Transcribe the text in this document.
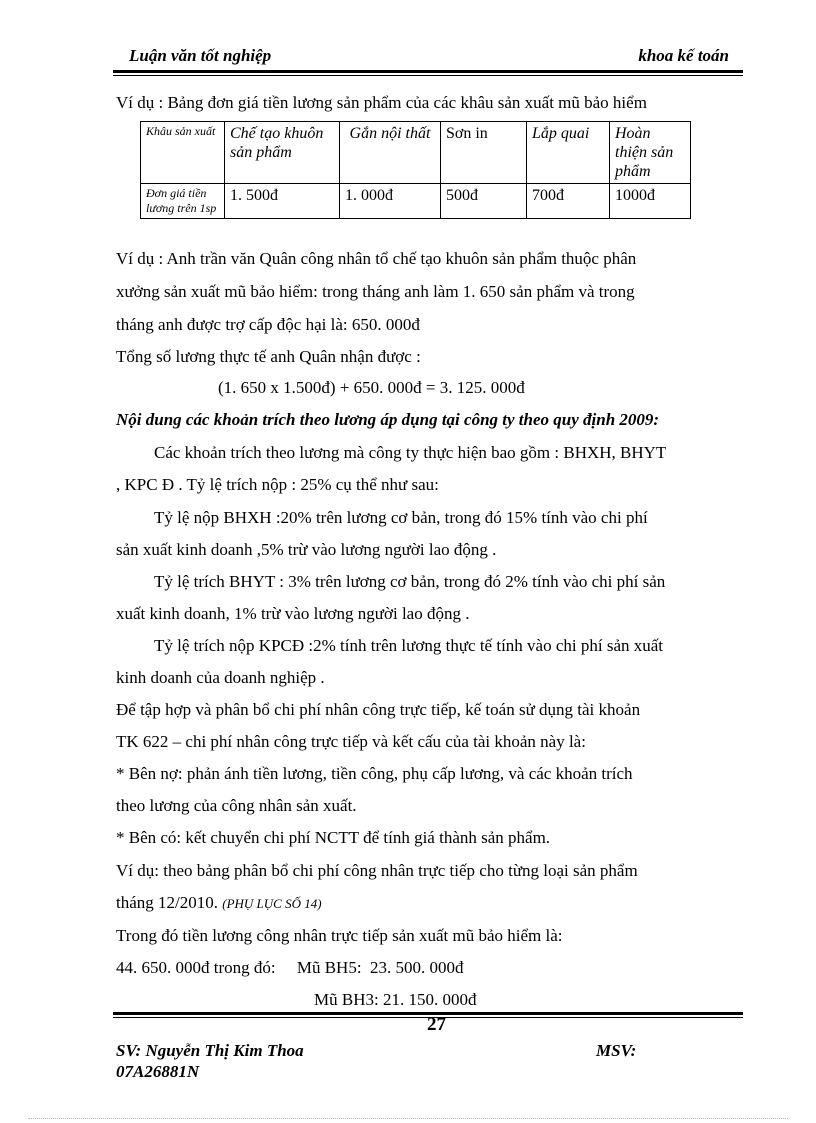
Luận văn tốt nghiệp	khoa kế toán
Ví dụ : Bảng đơn giá tiền lương sản phẩm của các khâu sản xuất mũ bảo hiểm
Khâu sản xuất	Chế tạo khuôn sản phẩm	Gắn nội thất	Sơn in	Lắp quai	Hoàn thiện sản phẩm
Đơn giá tiền lương trên 1sp	1. 500đ	1. 000đ	500đ	700đ	1000đ
Ví dụ : Anh trần văn Quân công nhân tổ chế tạo khuôn sản phẩm thuộc phân
xưởng sản xuất mũ bảo hiểm: trong tháng anh làm 1. 650 sản phẩm và trong
tháng anh được trợ cấp độc hại là: 650. 000đ
Tổng số lương thực tế anh Quân nhận được :
(1. 650 x 1.500đ) + 650. 000đ = 3. 125. 000đ
Nội dung các khoản trích theo lương áp dụng tại công ty theo quy định 2009:
Các khoản trích theo lương mà công ty thực hiện bao gồm : BHXH, BHYT
, KPC Đ . Tỷ lệ trích nộp : 25% cụ thể như sau:
Tỷ lệ nộp BHXH :20% trên lương cơ bản, trong đó 15% tính vào chi phí
sản xuất kinh doanh ,5% trừ vào lương người lao động .
Tỷ lệ trích BHYT : 3% trên lương cơ bản, trong đó 2% tính vào chi phí sản
xuất kinh doanh, 1% trừ vào lương người lao động .
Tỷ lệ trích nộp KPCĐ :2% tính trên lương thực tế tính vào chi phí sản xuất
kinh doanh của doanh nghiệp .
Để tập hợp và phân bổ chi phí nhân công trực tiếp, kế toán sử dụng tài khoản
TK 622 – chi phí nhân công trực tiếp và kết cấu của tài khoản này là:
* Bên nợ: phản ánh tiền lương, tiền công, phụ cấp lương, và các khoản trích
theo lương của công nhân sản xuất.
* Bên có: kết chuyển chi phí NCTT để tính giá thành sản phẩm.
Ví dụ: theo bảng phân bổ chi phí công nhân trực tiếp cho từng loại sản phẩm
tháng 12/2010. (PHỤ LỤC SỐ 14)
Trong đó tiền lương công nhân trực tiếp sản xuất mũ bảo hiểm là:
44. 650. 000đ trong đó:     Mũ BH5:  23. 500. 000đ
Mũ BH3: 21. 150. 000đ
27
SV: Nguyễn Thị Kim Thoa	MSV:
07A26881N
